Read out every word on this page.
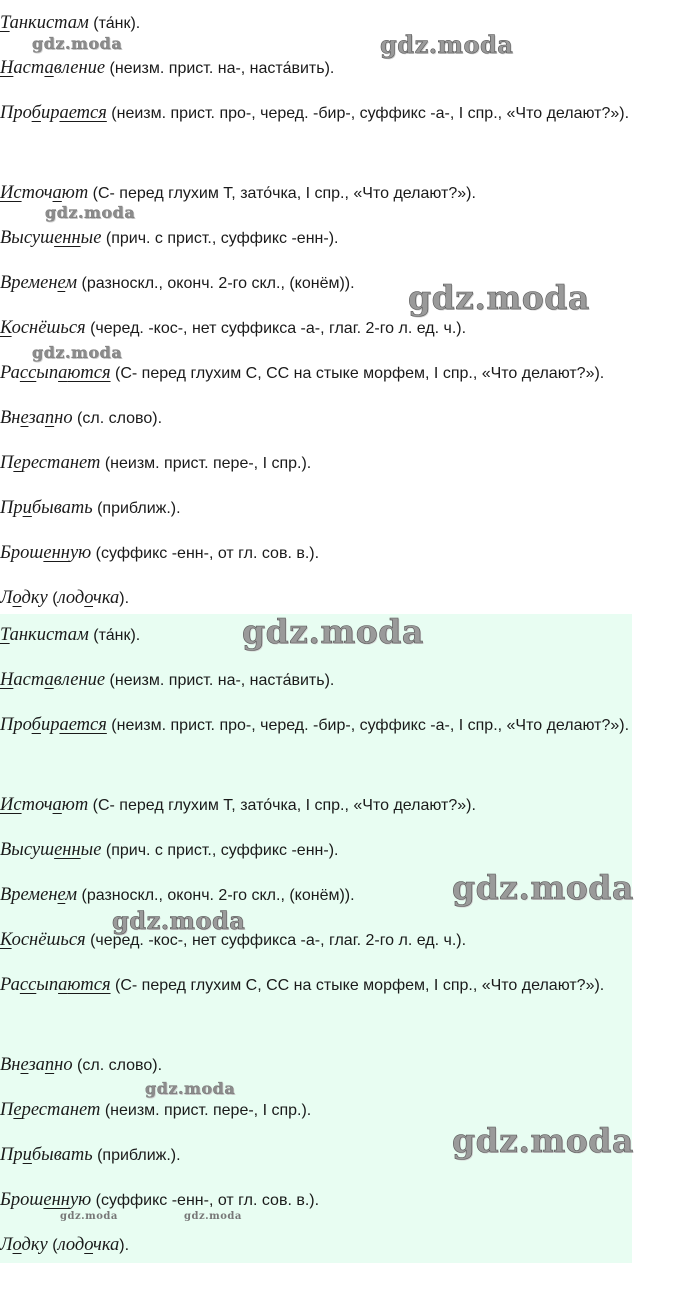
Танкистам (та́нк).
Наставление (неизм. прист. на-, наста́вить).
Пробирается (неизм. прист. про-, черед. -бир-, суффикс -а-, I спр., «Что делают?»).
Источают (С- перед глухим Т, зато́чка, I спр., «Что делают?»).
Высушенные (прич. с прист., суффикс -енн-).
Временем (разноскл., оконч. 2-го скл., (конём)).
Коснёшься (черед. -кос-, нет суффикса -а-, глаг. 2-го л. ед. ч.).
Рассыпаются (С- перед глухим С, СС на стыке морфем, I спр., «Что делают?»).
Внезапно (сл. слово).
Перестанет (неизм. прист. пере-, I спр.).
Прибывать (приближ.).
Брошенную (суффикс -енн-, от гл. сов. в.).
Лодку (лодочка).
Танкистам (та́нк).
Наставление (неизм. прист. на-, наста́вить).
Пробирается (неизм. прист. про-, черед. -бир-, суффикс -а-, I спр., «Что делают?»).
Источают (С- перед глухим Т, зато́чка, I спр., «Что делают?»).
Высушенные (прич. с прист., суффикс -енн-).
Временем (разноскл., оконч. 2-го скл., (конём)).
Коснёшься (черед. -кос-, нет суффикса -а-, глаг. 2-го л. ед. ч.).
Рассыпаются (С- перед глухим С, СС на стыке морфем, I спр., «Что делают?»).
Внезапно (сл. слово).
Перестанет (неизм. прист. пере-, I спр.).
Прибывать (приближ.).
Брошенную (суффикс -енн-, от гл. сов. в.).
Лодку (лодочка).
gdz.moda	gdz.moda
gdz.moda
gdz.moda
gdz.moda
gdz.moda
gdz.moda
gdz.moda
gdz.moda
gdz.moda
gdz.moda	gdz.moda
